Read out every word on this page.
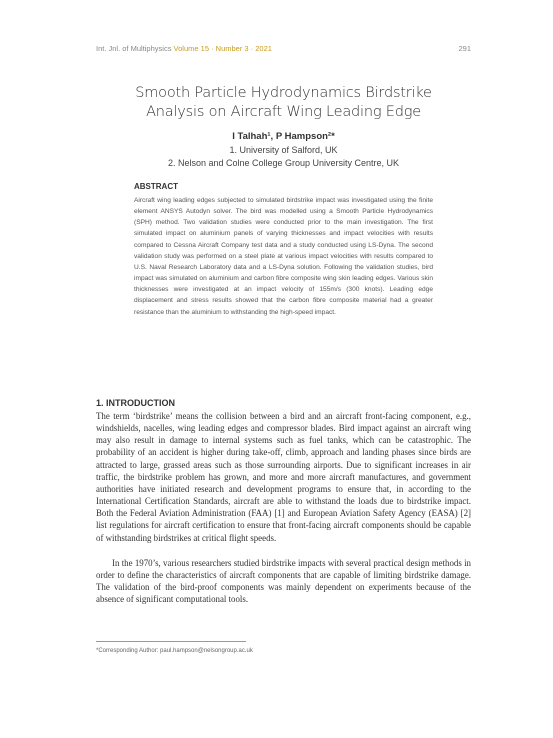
Int. Jnl. of Multiphysics Volume 15 · Number 3 · 2021	291
Smooth Particle Hydrodynamics Birdstrike
Analysis on Aircraft Wing Leading Edge
I Talhah¹, P Hampson²*
1. University of Salford, UK
2. Nelson and Colne College Group University Centre, UK
ABSTRACT
Aircraft wing leading edges subjected to simulated birdstrike impact was investigated using the finite element ANSYS Autodyn solver. The bird was modelled using a Smooth Particle Hydrodynamics (SPH) method. Two validation studies were conducted prior to the main investigation. The first simulated impact on aluminium panels of varying thicknesses and impact velocities with results compared to Cessna Aircraft Company test data and a study conducted using LS-Dyna. The second validation study was performed on a steel plate at various impact velocities with results compared to U.S. Naval Research Laboratory data and a LS-Dyna solution. Following the validation studies, bird impact was simulated on aluminium and carbon fibre composite wing skin leading edges. Various skin thicknesses were investigated at an impact velocity of 155m/s (300 knots). Leading edge displacement and stress results showed that the carbon fibre composite material had a greater resistance than the aluminium to withstanding the high-speed impact.
1. INTRODUCTION
The term ‘birdstrike’ means the collision between a bird and an aircraft front-facing component, e.g., windshields, nacelles, wing leading edges and compressor blades. Bird impact against an aircraft wing may also result in damage to internal systems such as fuel tanks, which can be catastrophic. The probability of an accident is higher during take-off, climb, approach and landing phases since birds are attracted to large, grassed areas such as those surrounding airports. Due to significant increases in air traffic, the birdstrike problem has grown, and more and more aircraft manufactures, and government authorities have initiated research and development programs to ensure that, in according to the International Certification Standards, aircraft are able to withstand the loads due to birdstrike impact. Both the Federal Aviation Administration (FAA) [1] and European Aviation Safety Agency (EASA) [2] list regulations for aircraft certification to ensure that front-facing aircraft components should be capable of withstanding birdstrikes at critical flight speeds.
In the 1970’s, various researchers studied birdstrike impacts with several practical design methods in order to define the characteristics of aircraft components that are capable of limiting birdstrike damage. The validation of the bird-proof components was mainly dependent on experiments because of the absence of significant computational tools.
*Corresponding Author: paul.hampson@nelsongroup.ac.uk
